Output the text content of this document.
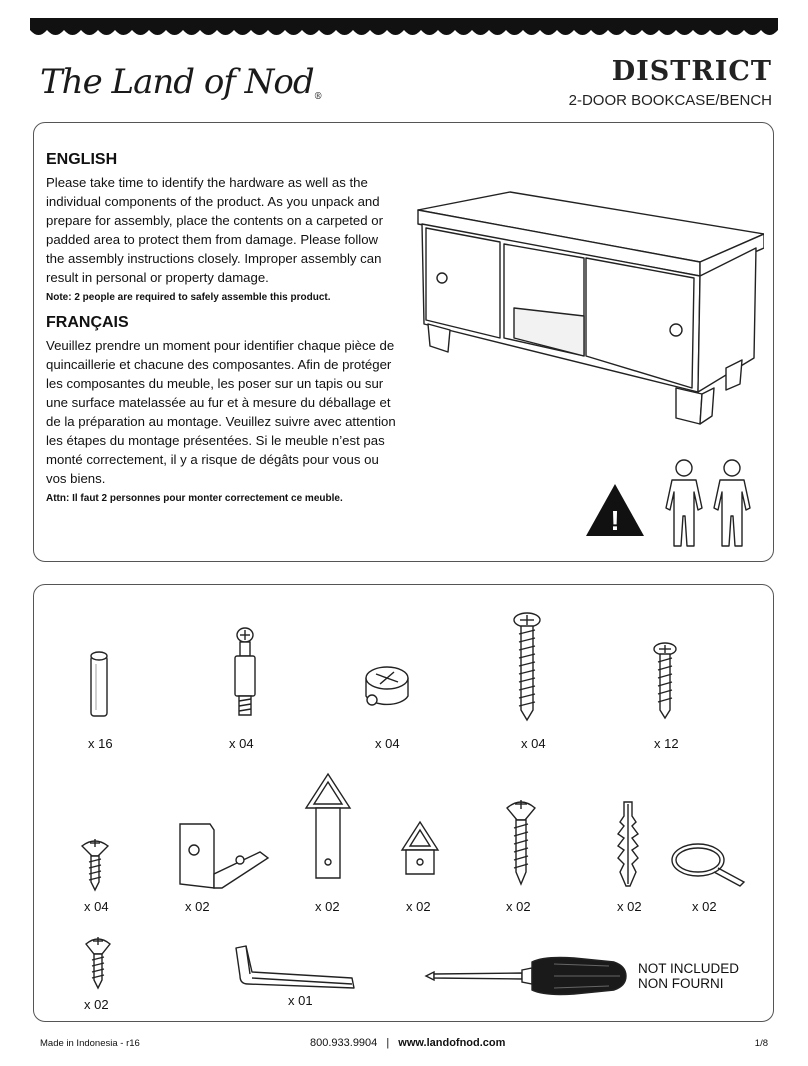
The Land of Nod®
DISTRICT
2-DOOR BOOKCASE/BENCH
ENGLISH

Please take time to identify the hardware as well as the individual components of the product. As you unpack and prepare for assembly, place the contents on a carpeted or padded area to protect them from damage. Please follow the assembly instructions closely. Improper assembly can result in personal or property damage.

Note: 2 people are required to safely assemble this product.

FRANÇAIS

Veuillez prendre un moment pour identifier chaque pièce de quincaillerie et chacune des composantes. Afin de protéger les composantes du meuble, les poser sur un tapis ou sur une surface matelassée au fur et à mesure du déballage et de la préparation au montage. Veuillez suivre avec attention les étapes du montage présentées. Si le meuble n’est pas monté correctement, il y a risque de dégâts pour vous ou vos biens.

Attn: Il faut 2 personnes pour monter correctement ce meuble.

!
x 16	x 04	x 04	x 04	x 12
x 04	x 02	x 02	x 02	x 02	x 02	x 02
x 02	x 01
NOT INCLUDED
NON FOURNI
Made in Indonesia - r16	800.933.9904 | www.landofnod.com	1/8
